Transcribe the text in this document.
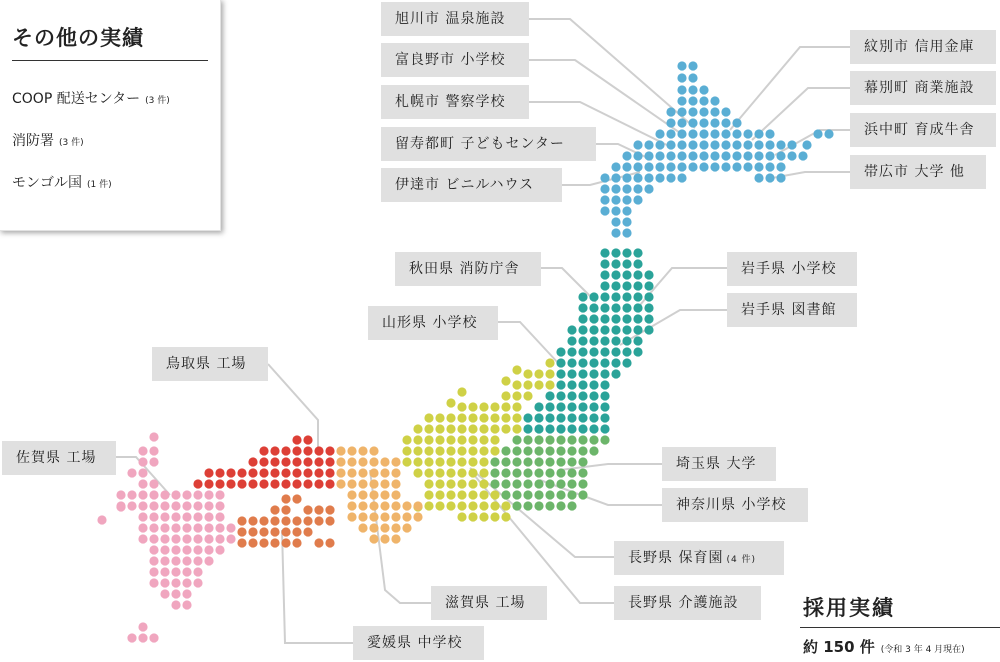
その他の実績
COOP 配送センター (3 件)
消防署 (3 件)
モンゴル国 (1 件)
旭川市 温泉施設
富良野市 小学校
札幌市 警察学校
留寿都町 子どもセンター
伊達市 ビニルハウス
紋別市 信用金庫
幕別町 商業施設
浜中町 育成牛舎
帯広市 大学 他
秋田県 消防庁舎	岩手県 小学校
岩手県 図書館
山形県 小学校
鳥取県 工場
佐賀県 工場	埼玉県 大学
神奈川県 小学校
長野県 保育園 (4 件)
長野県 介護施設
滋賀県 工場
愛媛県 中学校
採用実績
約 150 件 (令和 3 年 4 月現在)
